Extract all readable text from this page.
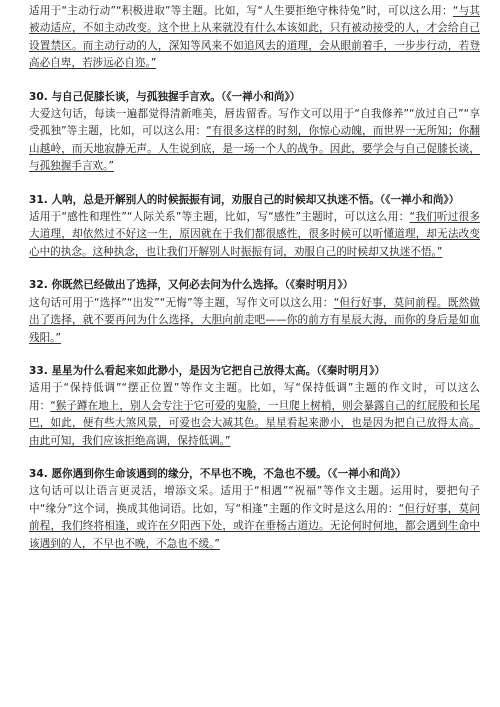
适用于“主动行动”“积极进取”等主题。比如，写“人生要拒绝守株待兔”时，可以这么用：“与其被动适应，不如主动改变。这个世上从来就没有什么本该如此，只有被动接受的人，才会给自己设置禁区。而主动行动的人，深知等风来不如追风去的道理，会从眼前着手，一步步行动，若登高必自卑，若涉远必自迩。”

30. 与自己促膝长谈，与孤独握手言欢。（《一禅小和尚》）

大爱这句话，每读一遍都觉得清新唯美，唇齿留香。写作文可以用于“自我修养”“放过自己”“享受孤独”等主题，比如，可以这么用：“有很多这样的时刻，你惊心动魄，而世界一无所知；你翻山越岭，而天地寂静无声。人生说到底，是一场一个人的战争。因此，要学会与自己促膝长谈，与孤独握手言欢。”

31. 人呐，总是开解别人的时候振振有词，劝服自己的时候却又执迷不悟。（《一禅小和尚》）

适用于“感性和理性”“人际关系”等主题，比如，写“感性”主题时，可以这么用：“我们听过很多大道理，却依然过不好这一生，原因就在于我们都很感性，很多时候可以听懂道理，却无法改变心中的执念。这种执念，也让我们开解别人时振振有词，劝服自己的时候却又执迷不悟。”

32. 你既然已经做出了选择，又何必去问为什么选择。（《秦时明月》）

这句话可用于“选择”“出发”“无悔”等主题，写作文可以这么用：“但行好事，莫问前程。既然做出了选择，就不要再问为什么选择，大胆向前走吧——你的前方有星辰大海，而你的身后是如血残阳。”

33. 星星为什么看起来如此渺小，是因为它把自己放得太高。（《秦时明月》）

适用于“保持低调”“摆正位置”等作文主题。比如，写“保持低调”主题的作文时，可以这么用：“猴子蹲在地上，别人会专注于它可爱的鬼脸，一旦爬上树梢，则会暴露自己的红屁股和长尾巴，如此，便有些大煞风景，可爱也会大减其色。星星看起来渺小，也是因为把自己放得太高。由此可知，我们应该拒绝高调，保持低调。”

34. 愿你遇到你生命该遇到的缘分，不早也不晚，不急也不缓。（《一禅小和尚》）

这句话可以让语言更灵活，增添文采。适用于“相遇”“祝福”等作文主题。运用时，要把句子中“缘分”这个词，换成其他词语。比如，写“相逢”主题的作文时是这么用的：“但行好事，莫问前程，我们终将相逢，或许在夕阳西下处，或许在垂杨古道边。无论何时何地，都会遇到生命中该遇到的人，不早也不晚，不急也不缓。”
